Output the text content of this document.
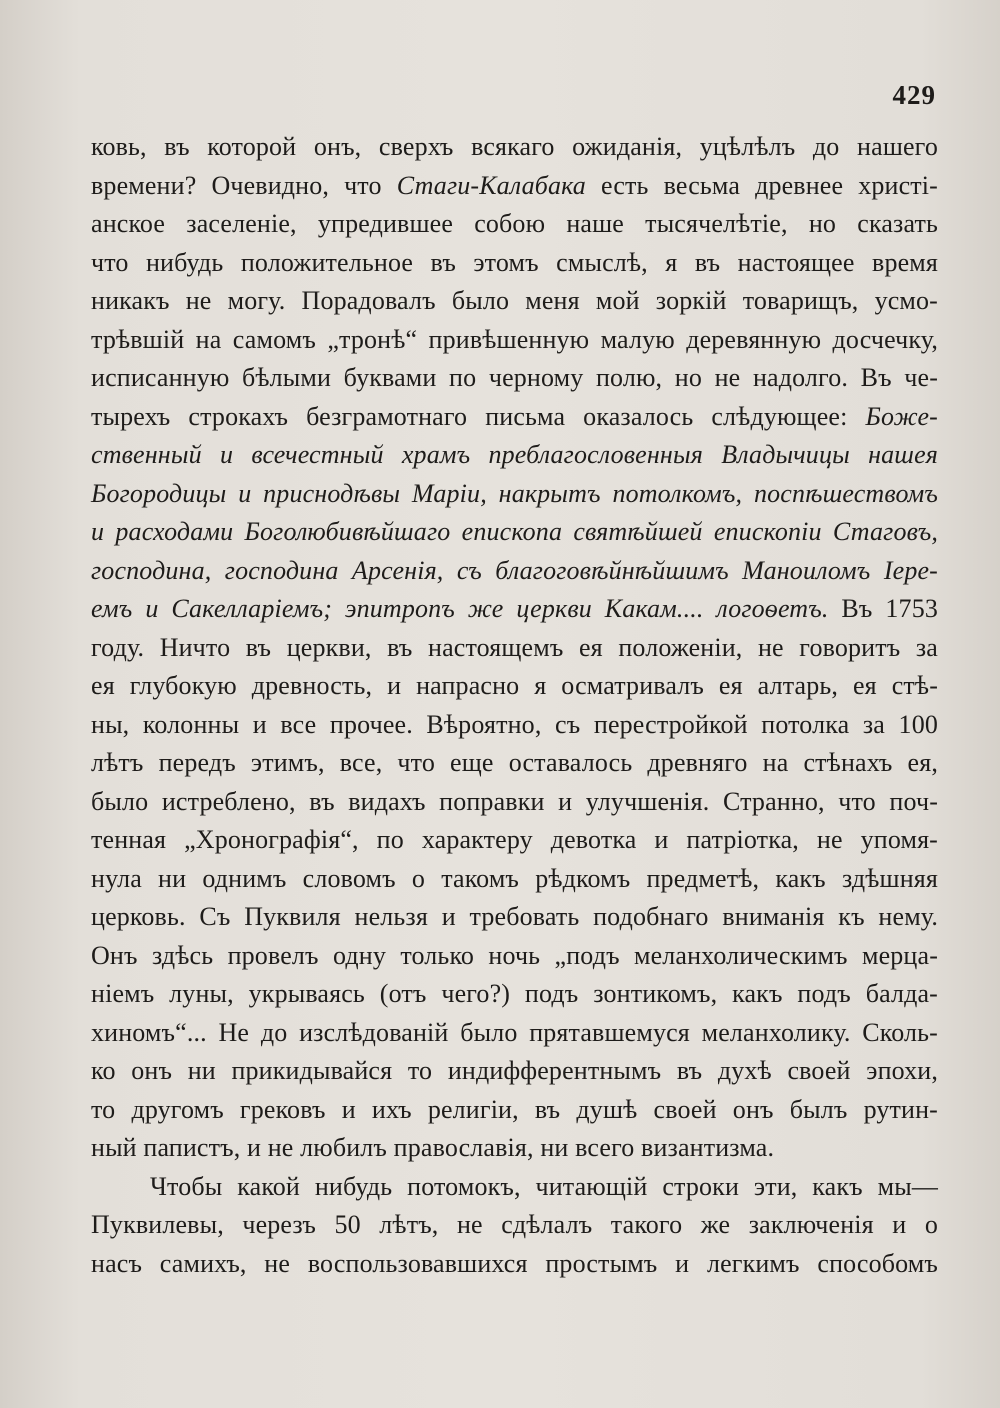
429
ковь, въ которой онъ, сверхъ всякаго ожиданія, уцѣлѣлъ до нашего
времени? Очевидно, что Стаги-Калабака есть весьма древнее христі-
анское заселеніе, упредившее собою наше тысячелѣтіе, но сказать
что нибудь положительное въ этомъ смыслѣ, я въ настоящее время
никакъ не могу. Порадовалъ было меня мой зоркій товарищъ, усмо-
трѣвшій на самомъ „тронѣ“ привѣшенную малую деревянную досчечку,
исписанную бѣлыми буквами по черному полю, но не надолго. Въ че-
тырехъ строкахъ безграмотнаго письма оказалось слѣдующее: Боже-
ственный и всечестный храмъ преблагословенныя Владычицы нашея
Богородицы и приснодѣвы Маріи, накрытъ потолкомъ, поспѣшествомъ
и расходами Боголюбивѣйшаго епископа святѣйшей епископіи Стаговъ,
господина, господина Арсенія, съ благоговѣйнѣйшимъ Маноиломъ Іере-
емъ и Сакелларіемъ; эпитропъ же церкви Какам.... логоѳетъ. Въ 1753
году. Ничто въ церкви, въ настоящемъ ея положеніи, не говоритъ за
ея глубокую древность, и напрасно я осматривалъ ея алтарь, ея стѣ-
ны, колонны и все прочее. Вѣроятно, съ перестройкой потолка за 100
лѣтъ передъ этимъ, все, что еще оставалось древняго на стѣнахъ ея,
было истреблено, въ видахъ поправки и улучшенія. Странно, что поч-
тенная „Хронографія“, по характеру девотка и патріотка, не упомя-
нула ни однимъ словомъ о такомъ рѣдкомъ предметѣ, какъ здѣшняя
церковь. Съ Пуквиля нельзя и требовать подобнаго вниманія къ нему.
Онъ здѣсь провелъ одну только ночь „подъ меланхолическимъ мерца-
ніемъ луны, укрываясь (отъ чего?) подъ зонтикомъ, какъ подъ балда-
хиномъ“... Не до изслѣдованій было прятавшемуся меланхолику. Сколь-
ко онъ ни прикидывайся то индифферентнымъ въ духѣ своей эпохи,
то другомъ грековъ и ихъ религіи, въ душѣ своей онъ былъ рутин-
ный папистъ, и не любилъ православія, ни всего византизма.
Чтобы какой нибудь потомокъ, читающій строки эти, какъ мы—
Пуквилевы, черезъ 50 лѣтъ, не сдѣлалъ такого же заключенія и о
насъ самихъ, не воспользовавшихся простымъ и легкимъ способомъ
